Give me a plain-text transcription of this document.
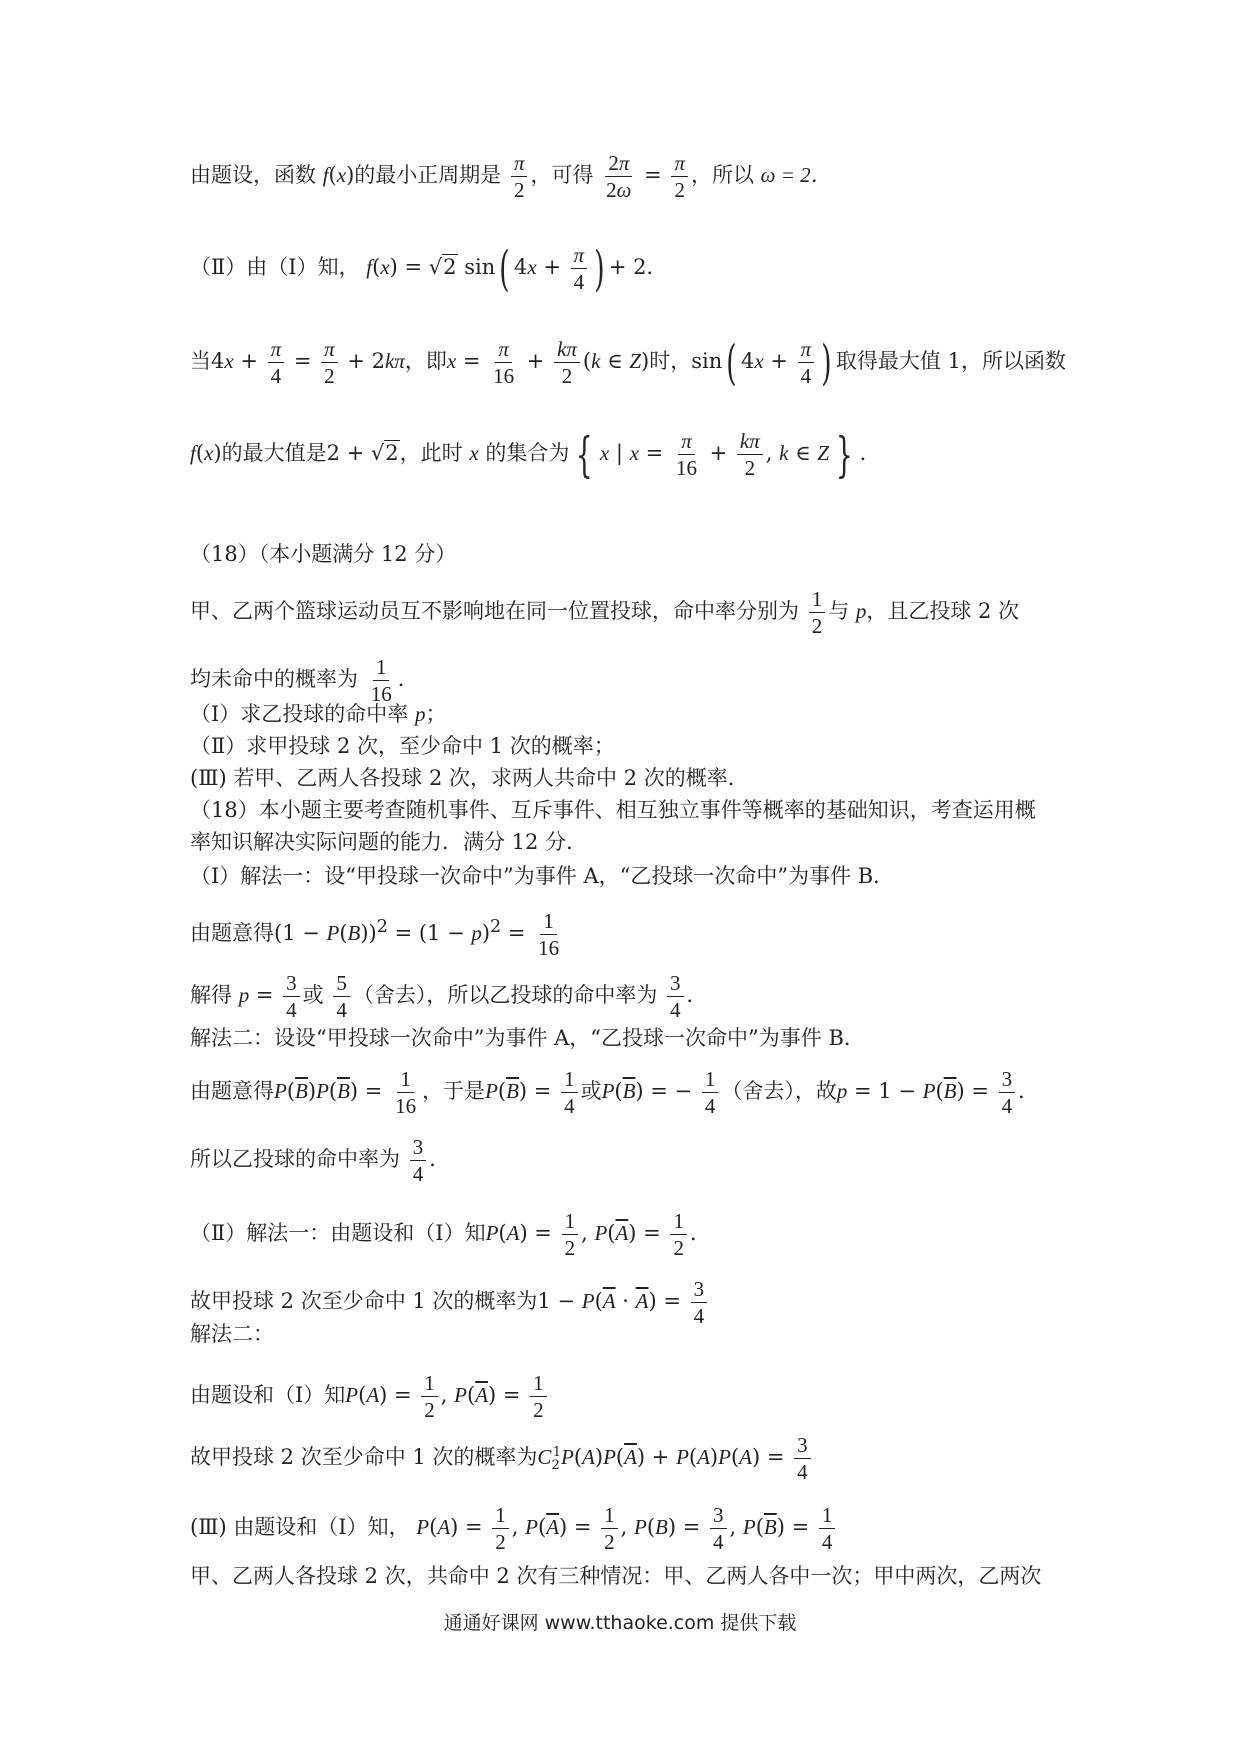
由题设，函数 f(x)的最小正周期是 $\frac{\pi}{2}$ ，可得 $\frac{2\pi}{2\omega} = \frac{\pi}{2}$ ，所以 ω = 2．
（Ⅱ）由（Ⅰ）知， f(x) = √2 sin( $4x + \frac{\pi}{4}$ ) + 2．
当$4x + \frac{\pi}{4} = \frac{\pi}{2} + 2k\pi$，即$x = \frac{\pi}{16} + \frac{k\pi}{2} (k$ ∈ Z)时，sin( $4x + \frac{\pi}{4}$ ) 取得最大值 1，所以函数
f(x)的最大值是2 + √2，此时 x 的集合为 { x | $x = \frac{\pi}{16} + \frac{k\pi}{2}$ , k ∈ Z } ．
（18）（本小题满分 12 分）
甲、乙两个篮球运动员互不影响地在同一位置投球，命中率分别为 $\frac{1}{2}$ 与 p，且乙投球 2 次
均未命中的概率为 $\frac{1}{16}$ ．
（Ⅰ）求乙投球的命中率 p；
（Ⅱ）求甲投球 2 次，至少命中 1 次的概率；
(Ⅲ) 若甲、乙两人各投球 2 次，求两人共命中 2 次的概率．
（18）本小题主要考查随机事件、互斥事件、相互独立事件等概率的基础知识，考查运用概
率知识解决实际问题的能力．满分 12 分．
（Ⅰ）解法一：设“甲投球一次命中”为事件 A，“乙投球一次命中”为事件 B．
由题意得$(1 - P(B))^2 = (1 - p)^2 = \frac{1}{16}$
解得 $p = \frac{3}{4}$ 或 $\frac{5}{4}$ （舍去），所以乙投球的命中率为 $\frac{3}{4}$ ．
解法二：设设“甲投球一次命中”为事件 A，“乙投球一次命中”为事件 B．
由题意得$P(\overline{B})P(\overline{B}) = \frac{1}{16}$ ，于是$P(\overline{B}) = \frac{1}{4}$ 或$P(\overline{B})$ = − $\frac{1}{4}$ （舍去），故$p = 1 - P(\overline{B}) = \frac{3}{4}$ ．
所以乙投球的命中率为 $\frac{3}{4}$ ．
（Ⅱ）解法一：由题设和（Ⅰ）知$P(A) = \frac{1}{2}$ , $P(\overline{A}) = \frac{1}{2}$ ．
故甲投球 2 次至少命中 1 次的概率为$1 - P(\overline{A} \cdot \overline{A}) = \frac{3}{4}$
解法二：
由题设和（Ⅰ）知$P(A) = \frac{1}{2}$ , $P(\overline{A}) = \frac{1}{2}$
故甲投球 2 次至少命中 1 次的概率为$C_2^1P(A)P(\overline{A}) + P(A)P(A) = \frac{3}{4}$
(Ⅲ) 由题设和（Ⅰ）知， $P(A) = \frac{1}{2}$ , $P(\overline{A}) = \frac{1}{2}$ , $P(B) = \frac{3}{4}$ , $P(\overline{B}) = \frac{1}{4}$
甲、乙两人各投球 2 次，共命中 2 次有三种情况：甲、乙两人各中一次；甲中两次，乙两次
通通好课网 www.tthaoke.com 提供下载
